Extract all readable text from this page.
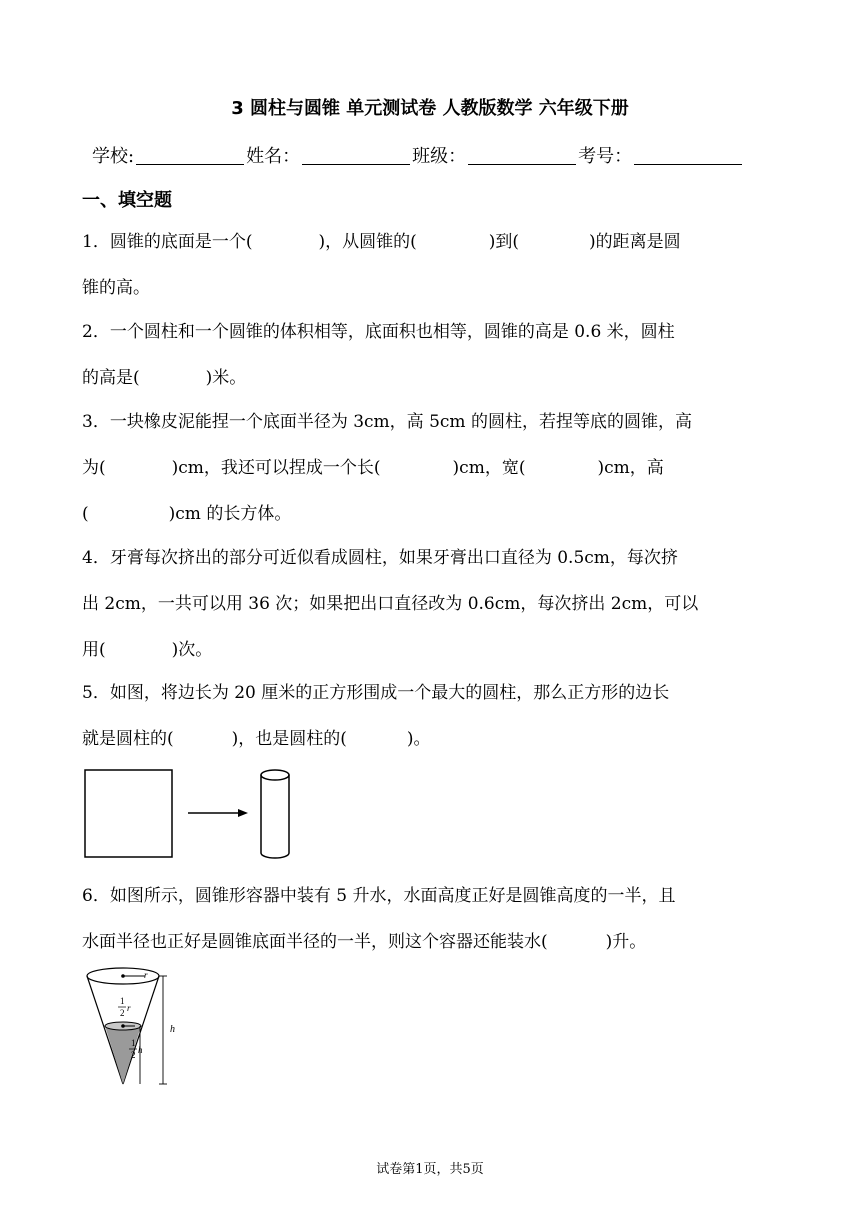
3 圆柱与圆锥 单元测试卷 人教版数学 六年级下册
学校:	姓名：	班级：	考号：
一、填空题
1．圆锥的底面是一个(	)，从圆锥的(	)到(	)的距离是圆
锥的高。
2．一个圆柱和一个圆锥的体积相等，底面积也相等，圆锥的高是 0.6 米，圆柱
的高是(	)米。
3．一块橡皮泥能捏一个底面半径为 3cm，高 5cm 的圆柱，若捏等底的圆锥，高
为(	)cm，我还可以捏成一个长(	)cm，宽(	)cm，高
(	)cm 的长方体。
4．牙膏每次挤出的部分可近似看成圆柱，如果牙膏出口直径为 0.5cm，每次挤
出 2cm，一共可以用 36 次；如果把出口直径改为 0.6cm，每次挤出 2cm，可以
用(	)次。
5．如图，将边长为 20 厘米的正方形围成一个最大的圆柱，那么正方形的边长
就是圆柱的(	)，也是圆柱的(	)。
6．如图所示，圆锥形容器中装有 5 升水，水面高度正好是圆锥高度的一半，且
水面半径也正好是圆锥底面半径的一半，则这个容器还能装水(	)升。
r
1
2 r
1
2 h
h
试卷第1页，共5页
